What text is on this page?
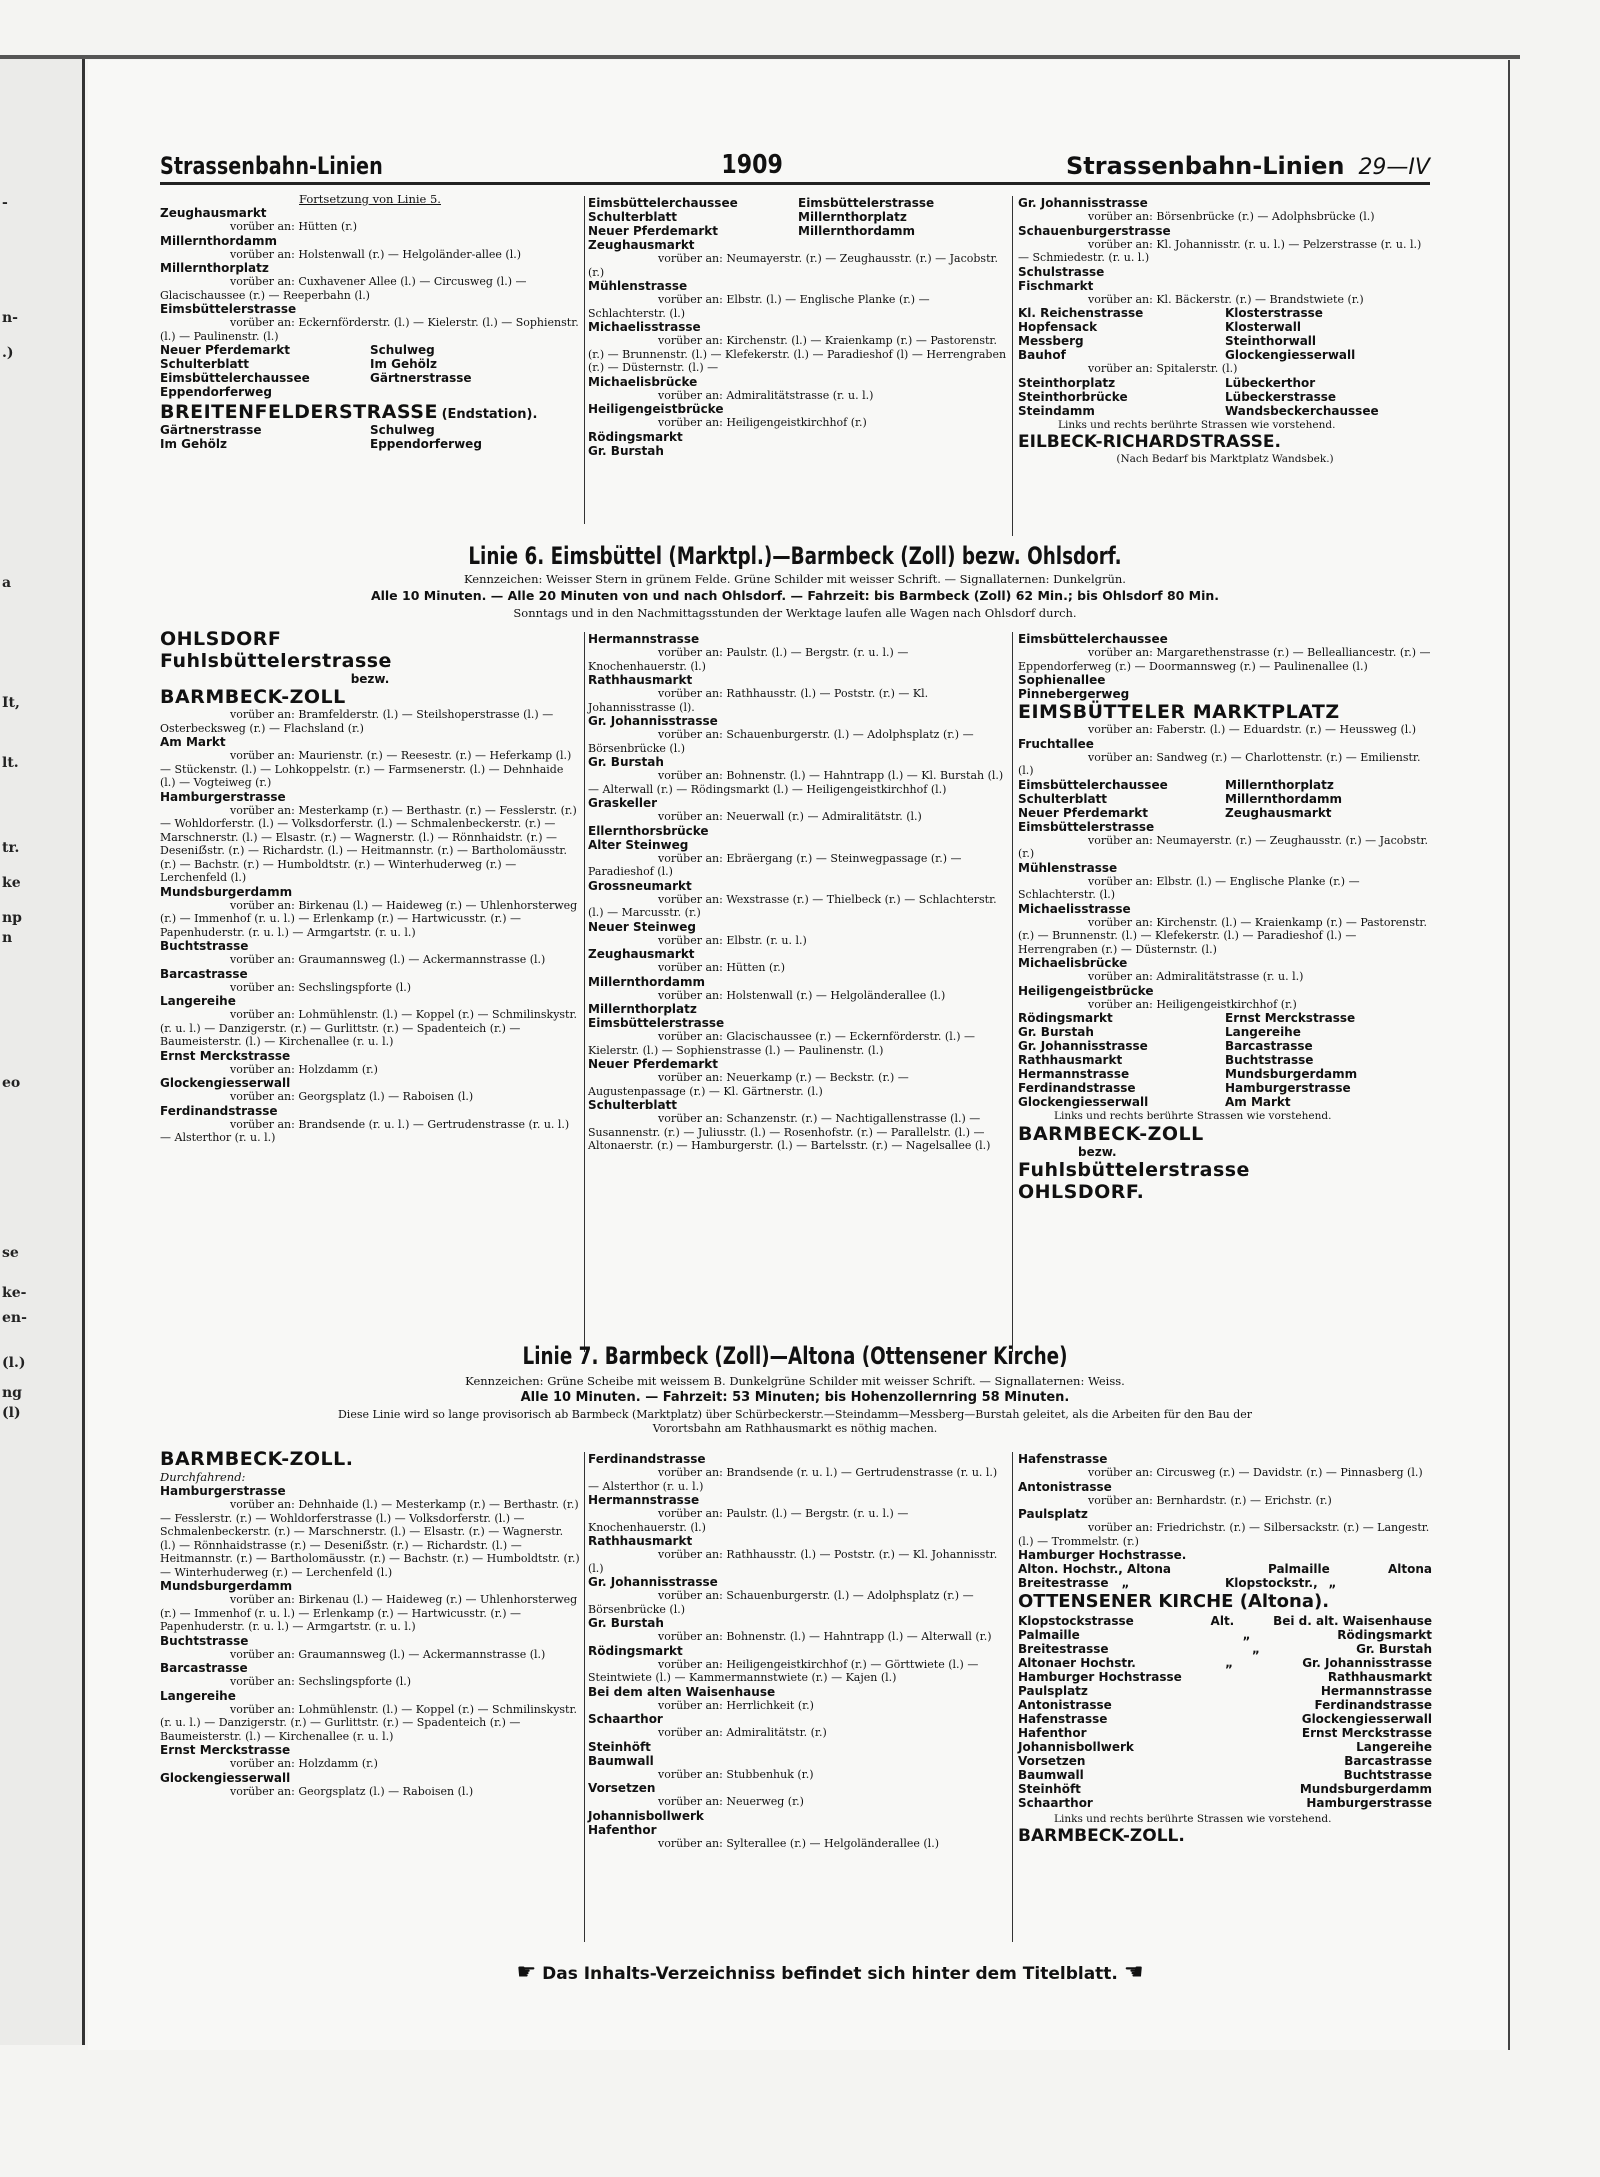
-
n-
.)
a
It,
lt.
tr.
ke
np
n
eo
se
ke-
en-
(l.)
ng
(l)
Strassenbahn-Linien	1909	Strassenbahn-Linien 29—IV
Fortsetzung von Linie 5.
Zeughausmarkt
vorüber an: Hütten (r.)
Millernthordamm
vorüber an: Holstenwall (r.) — Helgoländer-allee (l.)
Millernthorplatz
vorüber an: Cuxhavener Allee (l.) — Circusweg (l.) — Glacischaussee (r.) — Reeperbahn (l.)
Eimsbüttelerstrasse
vorüber an: Eckernförderstr. (l.) — Kielerstr. (l.) — Sophienstr. (l.) — Paulinenstr. (l.)
Neuer Pferdemarkt	Schulweg
Schulterblatt	Im Gehölz
Eimsbüttelerchaussee	Gärtnerstrasse
Eppendorferweg
BREITENFELDERSTRASSE (Endstation).
Gärtnerstrasse	Schulweg
Im Gehölz	Eppendorferweg
Eimsbüttelerchaussee	Eimsbüttelerstrasse
Schulterblatt	Millernthorplatz
Neuer Pferdemarkt	Millernthordamm
Zeughausmarkt
vorüber an: Neumayerstr. (r.) — Zeughausstr. (r.) — Jacobstr. (r.)
Mühlenstrasse
vorüber an: Elbstr. (l.) — Englische Planke (r.) — Schlachterstr. (l.)
Michaelisstrasse
vorüber an: Kirchenstr. (l.) — Kraienkamp (r.) — Pastorenstr. (r.) — Brunnenstr. (l.) — Klefekerstr. (l.) — Paradieshof (l) — Herrengraben (r.) — Düsternstr. (l.) —
Michaelisbrücke
vorüber an: Admiralitätstrasse (r. u. l.)
Heiligengeistbrücke
vorüber an: Heiligengeistkirchhof (r.)
Rödingsmarkt
Gr. Burstah
Gr. Johannisstrasse
vorüber an: Börsenbrücke (r.) — Adolphsbrücke (l.)
Schauenburgerstrasse
vorüber an: Kl. Johannisstr. (r. u. l.) — Pelzerstrasse (r. u. l.) — Schmiedestr. (r. u. l.)
Schulstrasse
Fischmarkt
vorüber an: Kl. Bäckerstr. (r.) — Brandstwiete (r.)
Kl. Reichenstrasse	Klosterstrasse
Hopfensack	Klosterwall
Messberg	Steinthorwall
Bauhof	Glockengiesserwall
vorüber an: Spitalerstr. (l.)
Steinthorplatz	Lübeckerthor
Steinthorbrücke	Lübeckerstrasse
Steindamm	Wandsbeckerchaussee
Links und rechts berührte Strassen wie vorstehend.
EILBECK-RICHARDSTRASSE.
(Nach Bedarf bis Marktplatz Wandsbek.)
Linie 6. Eimsbüttel (Marktpl.)—Barmbeck (Zoll) bezw. Ohlsdorf.
Kennzeichen: Weisser Stern in grünem Felde. Grüne Schilder mit weisser Schrift. — Signallaternen: Dunkelgrün.
Alle 10 Minuten. — Alle 20 Minuten von und nach Ohlsdorf. — Fahrzeit: bis Barmbeck (Zoll) 62 Min.; bis Ohlsdorf 80 Min.
Sonntags und in den Nachmittagsstunden der Werktage laufen alle Wagen nach Ohlsdorf durch.
OHLSDORF
Fuhlsbüttelerstrasse
bezw.
BARMBECK-ZOLL
vorüber an: Bramfelderstr. (l.) — Steilshoperstrasse (l.) — Osterbecksweg (r.) — Flachsland (r.)
Am Markt
vorüber an: Maurienstr. (r.) — Reesestr. (r.) — Heferkamp (l.) — Stückenstr. (l.) — Lohkoppelstr. (r.) — Farmsenerstr. (l.) — Dehnhaide (l.) — Vogteiweg (r.)
Hamburgerstrasse
vorüber an: Mesterkamp (r.) — Berthastr. (r.) — Fesslerstr. (r.) — Wohldorferstr. (l.) — Volksdorferstr. (l.) — Schmalenbeckerstr. (r.) — Marschnerstr. (l.) — Elsastr. (r.) — Wagnerstr. (l.) — Rönnhaidstr. (r.) — Deseniẞstr. (r.) — Richardstr. (l.) — Heitmannstr. (r.) — Bartholomäusstr. (r.) — Bachstr. (r.) — Humboldtstr. (r.) — Winterhuderweg (r.) — Lerchenfeld (l.)
Mundsburgerdamm
vorüber an: Birkenau (l.) — Haideweg (r.) — Uhlenhorsterweg (r.) — Immenhof (r. u. l.) — Erlenkamp (r.) — Hartwicusstr. (r.) — Papenhuderstr. (r. u. l.) — Armgartstr. (r. u. l.)
Buchtstrasse
vorüber an: Graumannsweg (l.) — Ackermannstrasse (l.)
Barcastrasse
vorüber an: Sechslingspforte (l.)
Langereihe
vorüber an: Lohmühlenstr. (l.) — Koppel (r.) — Schmilinskystr. (r. u. l.) — Danzigerstr. (r.) — Gurlittstr. (r.) — Spadenteich (r.) — Baumeisterstr. (l.) — Kirchenallee (r. u. l.)
Ernst Merckstrasse
vorüber an: Holzdamm (r.)
Glockengiesserwall
vorüber an: Georgsplatz (l.) — Raboisen (l.)
Ferdinandstrasse
vorüber an: Brandsende (r. u. l.) — Gertrudenstrasse (r. u. l.) — Alsterthor (r. u. l.)
Hermannstrasse
vorüber an: Paulstr. (l.) — Bergstr. (r. u. l.) — Knochenhauerstr. (l.)
Rathhausmarkt
vorüber an: Rathhausstr. (l.) — Poststr. (r.) — Kl. Johannisstrasse (l).
Gr. Johannisstrasse
vorüber an: Schauenburgerstr. (l.) — Adolphsplatz (r.) — Börsenbrücke (l.)
Gr. Burstah
vorüber an: Bohnenstr. (l.) — Hahntrapp (l.) — Kl. Burstah (l.) — Alterwall (r.) — Rödingsmarkt (l.) — Heiligengeistkirchhof (l.)
Graskeller
vorüber an: Neuerwall (r.) — Admiralitätstr. (l.)
Ellernthorsbrücke
Alter Steinweg
vorüber an: Ebräergang (r.) — Steinwegpassage (r.) — Paradieshof (l.)
Grossneumarkt
vorüber an: Wexstrasse (r.) — Thielbeck (r.) — Schlachterstr. (l.) — Marcusstr. (r.)
Neuer Steinweg
vorüber an: Elbstr. (r. u. l.)
Zeughausmarkt
vorüber an: Hütten (r.)
Millernthordamm
vorüber an: Holstenwall (r.) — Helgoländerallee (l.)
Millernthorplatz
Eimsbüttelerstrasse
vorüber an: Glacischaussee (r.) — Eckernförderstr. (l.) — Kielerstr. (l.) — Sophienstrasse (l.) — Paulinenstr. (l.)
Neuer Pferdemarkt
vorüber an: Neuerkamp (r.) — Beckstr. (r.) — Augustenpassage (r.) — Kl. Gärtnerstr. (l.)
Schulterblatt
vorüber an: Schanzenstr. (r.) — Nachtigallenstrasse (l.) — Susannenstr. (r.) — Juliusstr. (l.) — Rosenhofstr. (r.) — Parallelstr. (l.) — Altonaerstr. (r.) — Hamburgerstr. (l.) — Bartelsstr. (r.) — Nagelsallee (l.)
Eimsbüttelerchaussee
vorüber an: Margarethenstrasse (r.) — Bellealliancestr. (r.) — Eppendorferweg (r.) — Doormannsweg (r.) — Paulinenallee (l.)
Sophienallee
Pinnebergerweg
EIMSBÜTTELER MARKTPLATZ
vorüber an: Faberstr. (l.) — Eduardstr. (r.) — Heussweg (l.)
Fruchtallee
vorüber an: Sandweg (r.) — Charlottenstr. (r.) — Emilienstr. (l.)
Eimsbüttelerchaussee	Millernthorplatz
Schulterblatt	Millernthordamm
Neuer Pferdemarkt	Zeughausmarkt
Eimsbüttelerstrasse
vorüber an: Neumayerstr. (r.) — Zeughausstr. (r.) — Jacobstr. (r.)
Mühlenstrasse
vorüber an: Elbstr. (l.) — Englische Planke (r.) — Schlachterstr. (l.)
Michaelisstrasse
vorüber an: Kirchenstr. (l.) — Kraienkamp (r.) — Pastorenstr. (r.) — Brunnenstr. (l.) — Klefekerstr. (l.) — Paradieshof (l.) — Herrengraben (r.) — Düsternstr. (l.)
Michaelisbrücke
vorüber an: Admiralitätstrasse (r. u. l.)
Heiligengeistbrücke
vorüber an: Heiligengeistkirchhof (r.)
Rödingsmarkt	Ernst Merckstrasse
Gr. Burstah	Langereihe
Gr. Johannisstrasse	Barcastrasse
Rathhausmarkt	Buchtstrasse
Hermannstrasse	Mundsburgerdamm
Ferdinandstrasse	Hamburgerstrasse
Glockengiesserwall	Am Markt
Links und rechts berührte Strassen wie vorstehend.
BARMBECK-ZOLL
bezw.
Fuhlsbüttelerstrasse
OHLSDORF.
Linie 7. Barmbeck (Zoll)—Altona (Ottensener Kirche)
Kennzeichen: Grüne Scheibe mit weissem B. Dunkelgrüne Schilder mit weisser Schrift. — Signallaternen: Weiss.
Alle 10 Minuten. — Fahrzeit: 53 Minuten; bis Hohenzollernring 58 Minuten.
Diese Linie wird so lange provisorisch ab Barmbeck (Marktplatz) über Schürbeckerstr.—Steindamm—Messberg—Burstah geleitet, als die Arbeiten für den Bau der
Vorortsbahn am Rathhausmarkt es nöthig machen.
BARMBECK-ZOLL.
Durchfahrend:
Hamburgerstrasse
vorüber an: Dehnhaide (l.) — Mesterkamp (r.) — Berthastr. (r.) — Fesslerstr. (r.) — Wohldorferstrasse (l.) — Volksdorferstr. (l.) — Schmalenbeckerstr. (r.) — Marschnerstr. (l.) — Elsastr. (r.) — Wagnerstr. (l.) — Rönnhaidstrasse (r.) — Deseniẞstr. (r.) — Richardstr. (l.) — Heitmannstr. (r.) — Bartholomäusstr. (r.) — Bachstr. (r.) — Humboldtstr. (r.) — Winterhuderweg (r.) — Lerchenfeld (l.)
Mundsburgerdamm
vorüber an: Birkenau (l.) — Haideweg (r.) — Uhlenhorsterweg (r.) — Immenhof (r. u. l.) — Erlenkamp (r.) — Hartwicusstr. (r.) — Papenhuderstr. (r. u. l.) — Armgartstr. (r. u. l.)
Buchtstrasse
vorüber an: Graumannsweg (l.) — Ackermannstrasse (l.)
Barcastrasse
vorüber an: Sechslingspforte (l.)
Langereihe
vorüber an: Lohmühlenstr. (l.) — Koppel (r.) — Schmilinskystr. (r. u. l.) — Danzigerstr. (r.) — Gurlittstr. (r.) — Spadenteich (r.) — Baumeisterstr. (l.) — Kirchenallee (r. u. l.)
Ernst Merckstrasse
vorüber an: Holzdamm (r.)
Glockengiesserwall
vorüber an: Georgsplatz (l.) — Raboisen (l.)
Ferdinandstrasse
vorüber an: Brandsende (r. u. l.) — Gertrudenstrasse (r. u. l.) — Alsterthor (r. u. l.)
Hermannstrasse
vorüber an: Paulstr. (l.) — Bergstr. (r. u. l.) — Knochenhauerstr. (l.)
Rathhausmarkt
vorüber an: Rathhausstr. (l.) — Poststr. (r.) — Kl. Johannisstr. (l.)
Gr. Johannisstrasse
vorüber an: Schauenburgerstr. (l.) — Adolphsplatz (r.) — Börsenbrücke (l.)
Gr. Burstah
vorüber an: Bohnenstr. (l.) — Hahntrapp (l.) — Alterwall (r.)
Rödingsmarkt
vorüber an: Heiligengeistkirchhof (r.) — Görttwiete (l.) — Steintwiete (l.) — Kammermannstwiete (r.) — Kajen (l.)
Bei dem alten Waisenhause
vorüber an: Herrlichkeit (r.)
Schaarthor
vorüber an: Admiralitätstr. (r.)
Steinhöft
Baumwall
vorüber an: Stubbenhuk (r.)
Vorsetzen
vorüber an: Neuerweg (r.)
Johannisbollwerk
Hafenthor
vorüber an: Sylterallee (r.) — Helgoländerallee (l.)
Hafenstrasse
vorüber an: Circusweg (r.) — Davidstr. (r.) — Pinnasberg (l.)
Antonistrasse
vorüber an: Bernhardstr. (r.) — Erichstr. (r.)
Paulsplatz
vorüber an: Friedrichstr. (r.) — Silbersackstr. (r.) — Langestr. (l.) — Trommelstr. (r.)
Hamburger Hochstrasse.
Alton. Hochstr., Altona	Palmaille	Altona
Breitestrasse	„	Klopstockstr., „
OTTENSENER KIRCHE (Altona).
Klopstockstrasse	Alt.	Bei d. alt. Waisenhause
Palmaille	„	Rödingsmarkt
Breitestrasse	„	Gr. Burstah
Altonaer Hochstr.	„	Gr. Johannisstrasse
Hamburger Hochstrasse	Rathhausmarkt
Paulsplatz	Hermannstrasse
Antonistrasse	Ferdinandstrasse
Hafenstrasse	Glockengiesserwall
Hafenthor	Ernst Merckstrasse
Johannisbollwerk	Langereihe
Vorsetzen	Barcastrasse
Baumwall	Buchtstrasse
Steinhöft	Mundsburgerdamm
Schaarthor	Hamburgerstrasse
Links und rechts berührte Strassen wie vorstehend.
BARMBECK-ZOLL.
☛ Das Inhalts-Verzeichniss befindet sich hinter dem Titelblatt. ☚
